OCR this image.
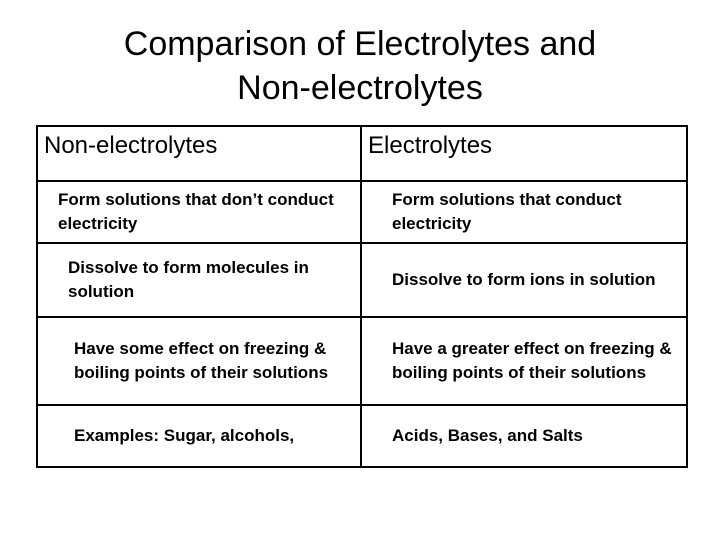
Comparison of Electrolytes and
Non-electrolytes
Non-electrolytes	Electrolytes
Form solutions that don’t conduct electricity	Form solutions that conduct electricity
Dissolve to form molecules in solution	Dissolve to form ions in solution
Have some effect on freezing & boiling points of their solutions	Have a greater effect on freezing & boiling points of their solutions
Examples: Sugar, alcohols,	Acids, Bases, and Salts
